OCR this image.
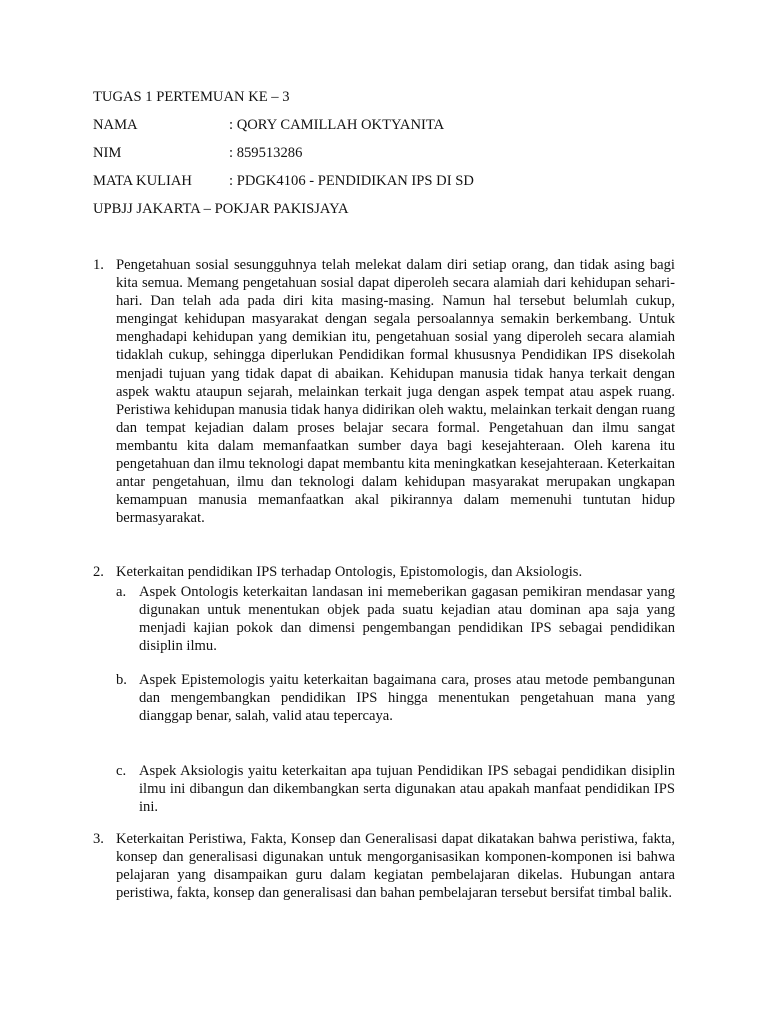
TUGAS 1 PERTEMUAN KE – 3
NAMA	: QORY CAMILLAH OKTYANITA
NIM	: 859513286
MATA KULIAH	: PDGK4106 - PENDIDIKAN IPS DI SD
UPBJJ JAKARTA – POKJAR PAKISJAYA
1. Pengetahuan sosial sesungguhnya telah melekat dalam diri setiap orang, dan tidak asing bagi kita semua. Memang pengetahuan sosial dapat diperoleh secara alamiah dari kehidupan sehari-hari. Dan telah ada pada diri kita masing-masing. Namun hal tersebut belumlah cukup, mengingat kehidupan masyarakat dengan segala persoalannya semakin berkembang. Untuk menghadapi kehidupan yang demikian itu, pengetahuan sosial yang diperoleh secara alamiah tidaklah cukup, sehingga diperlukan Pendidikan formal khususnya Pendidikan IPS disekolah menjadi tujuan yang tidak dapat di abaikan. Kehidupan manusia tidak hanya terkait dengan aspek waktu ataupun sejarah, melainkan terkait juga dengan aspek tempat atau aspek ruang. Peristiwa kehidupan manusia tidak hanya didirikan oleh waktu, melainkan terkait dengan ruang dan tempat kejadian dalam proses belajar secara formal. Pengetahuan dan ilmu sangat membantu kita dalam memanfaatkan sumber daya bagi kesejahteraan. Oleh karena itu pengetahuan dan ilmu teknologi dapat membantu kita meningkatkan kesejahteraan. Keterkaitan antar pengetahuan, ilmu dan teknologi dalam kehidupan masyarakat merupakan ungkapan kemampuan manusia memanfaatkan akal pikirannya dalam memenuhi tuntutan hidup bermasyarakat.
2. Keterkaitan pendidikan IPS terhadap Ontologis, Epistomologis, dan Aksiologis.
a. Aspek Ontologis keterkaitan landasan ini memeberikan gagasan pemikiran mendasar yang digunakan untuk menentukan objek pada suatu kejadian atau dominan apa saja yang menjadi kajian pokok dan dimensi pengembangan pendidikan IPS sebagai pendidikan disiplin ilmu.
b. Aspek Epistemologis yaitu keterkaitan bagaimana cara, proses atau metode pembangunan dan mengembangkan pendidikan IPS hingga menentukan pengetahuan mana yang dianggap benar, salah, valid atau tepercaya.
c. Aspek Aksiologis yaitu keterkaitan apa tujuan Pendidikan IPS sebagai pendidikan disiplin ilmu ini dibangun dan dikembangkan serta digunakan atau apakah manfaat pendidikan IPS ini.
3. Keterkaitan Peristiwa, Fakta, Konsep dan Generalisasi dapat dikatakan bahwa peristiwa, fakta, konsep dan generalisasi digunakan untuk mengorganisasikan komponen-komponen isi bahwa pelajaran yang disampaikan guru dalam kegiatan pembelajaran dikelas. Hubungan antara peristiwa, fakta, konsep dan generalisasi dan bahan pembelajaran tersebut bersifat timbal balik.
